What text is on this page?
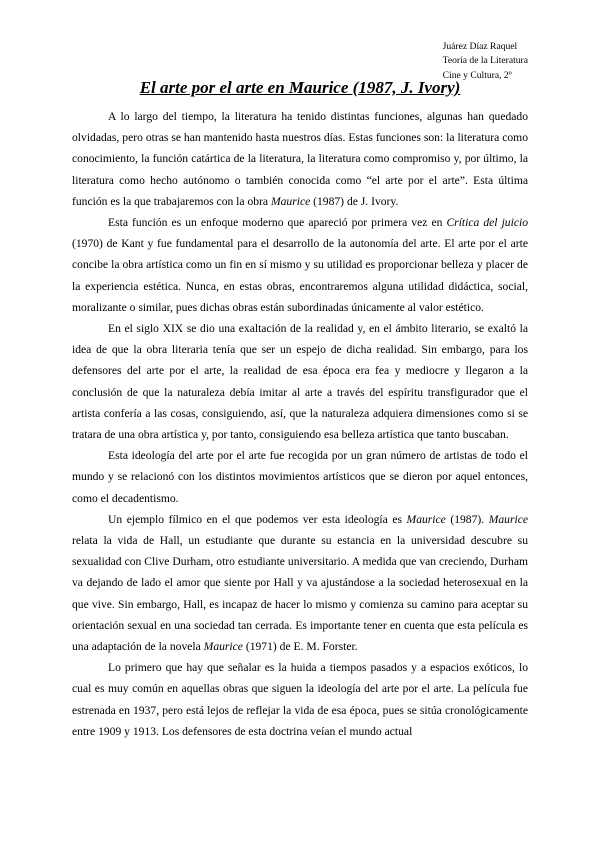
Juárez Díaz Raquel
Teoría de la Literatura
Cine y Cultura, 2º
El arte por el arte en Maurice (1987, J. Ivory)

A lo largo del tiempo, la literatura ha tenido distintas funciones, algunas han quedado olvidadas, pero otras se han mantenido hasta nuestros días. Estas funciones son: la literatura como conocimiento, la función catártica de la literatura, la literatura como compromiso y, por último, la literatura como hecho autónomo o también conocida como “el arte por el arte”. Esta última función es la que trabajaremos con la obra Maurice (1987) de J. Ivory.

Esta función es un enfoque moderno que apareció por primera vez en Crítica del juicio (1970) de Kant y fue fundamental para el desarrollo de la autonomía del arte. El arte por el arte concibe la obra artística como un fin en sí mismo y su utilidad es proporcionar belleza y placer de la experiencia estética. Nunca, en estas obras, encontraremos alguna utilidad didáctica, social, moralizante o similar, pues dichas obras están subordinadas únicamente al valor estético.

En el siglo XIX se dio una exaltación de la realidad y, en el ámbito literario, se exaltó la idea de que la obra literaria tenía que ser un espejo de dicha realidad. Sin embargo, para los defensores del arte por el arte, la realidad de esa época era fea y mediocre y llegaron a la conclusión de que la naturaleza debía imitar al arte a través del espíritu transfigurador que el artista confería a las cosas, consiguiendo, así, que la naturaleza adquiera dimensiones como si se tratara de una obra artística y, por tanto, consiguiendo esa belleza artística que tanto buscaban.

Esta ideología del arte por el arte fue recogida por un gran número de artistas de todo el mundo y se relacionó con los distintos movimientos artísticos que se dieron por aquel entonces, como el decadentismo.

Un ejemplo fílmico en el que podemos ver esta ideología es Maurice (1987). Maurice relata la vida de Hall, un estudiante que durante su estancia en la universidad descubre su sexualidad con Clive Durham, otro estudiante universitario. A medida que van creciendo, Durham va dejando de lado el amor que siente por Hall y va ajustándose a la sociedad heterosexual en la que vive. Sin embargo, Hall, es incapaz de hacer lo mismo y comienza su camino para aceptar su orientación sexual en una sociedad tan cerrada. Es importante tener en cuenta que esta película es una adaptación de la novela Maurice (1971) de E. M. Forster.

Lo primero que hay que señalar es la huida a tiempos pasados y a espacios exóticos, lo cual es muy común en aquellas obras que siguen la ideología del arte por el arte. La película fue estrenada en 1937, pero está lejos de reflejar la vida de esa época, pues se sitúa cronológicamente entre 1909 y 1913. Los defensores de esta doctrina veían el mundo actual
